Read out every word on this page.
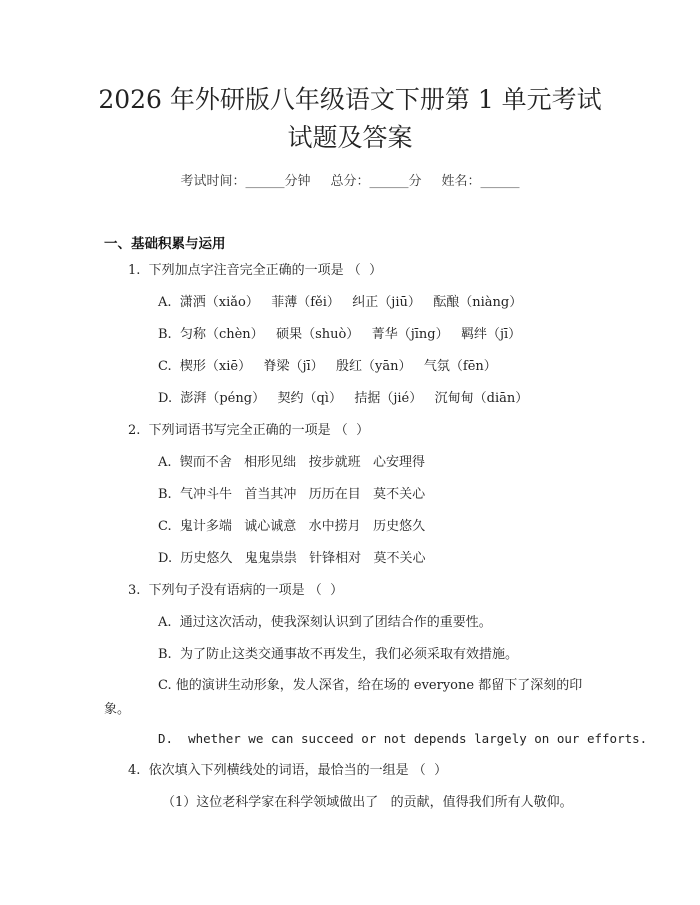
2026 年外研版八年级语文下册第 1 单元考试
试题及答案
考试时间：______分钟 总分：______分 姓名：______
一、基础积累与运用
1.  下列加点字注音完全正确的一项是 （  ）
A.  潇洒（xiǎo）   菲薄（fěi）   纠正（jiū）   酝酿（niàng）
B.  匀称（chèn）   硕果（shuò）   菁华（jīng）   羁绊（jī）
C.  楔形（xiē）   脊梁（jī）   殷红（yān）   气氛（fēn）
D.  澎湃（péng）   契约（qì）   拮据（jié）   沉甸甸（diān）
2.  下列词语书写完全正确的一项是 （  ）
A.  锲而不舍   相形见绌   按步就班   心安理得
B.  气冲斗牛   首当其冲   历历在目   莫不关心
C.  鬼计多端   诚心诚意   水中捞月   历史悠久
D.  历史悠久   鬼鬼祟祟   针锋相对   莫不关心
3.  下列句子没有语病的一项是 （  ）
A.  通过这次活动，使我深刻认识到了团结合作的重要性。
B.  为了防止这类交通事故不再发生，我们必须采取有效措施。
C. 他的演讲生动形象，发人深省，给在场的 everyone 都留下了深刻的印象。
D.  whether we can succeed or not depends largely on our efforts.
4.  依次填入下列横线处的词语，最恰当的一组是 （  ）
（1）这位老科学家在科学领域做出了   的贡献，值得我们所有人敬仰。
